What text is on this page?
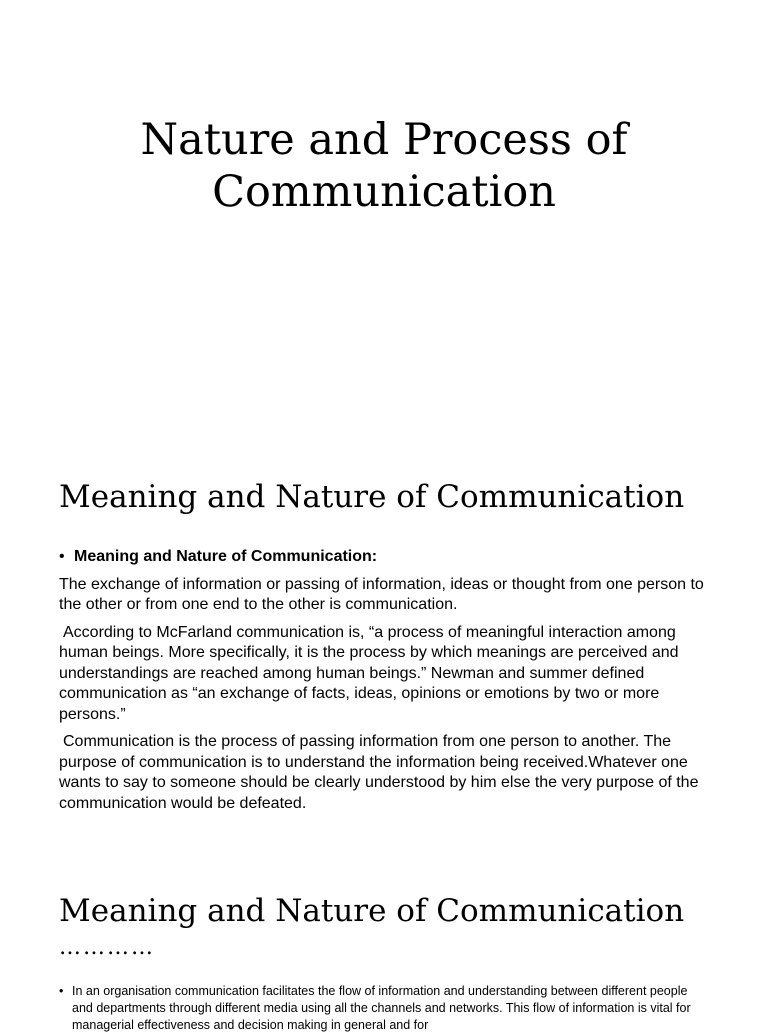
Nature and Process of
Communication
Meaning and Nature of Communication

• Meaning and Nature of Communication:

The exchange of information or passing of information, ideas or thought from one person to the other or from one end to the other is communication.

According to McFarland communication is, “a process of meaningful interaction among human beings. More specifically, it is the process by which meanings are perceived and understandings are reached among human beings.” Newman and summer defined communication as “an exchange of facts, ideas, opinions or emotions by two or more persons.”

Communication is the process of passing information from one person to another. The purpose of communication is to understand the information being received.Whatever one wants to say to someone should be clearly understood by him else the very purpose of the communication would be defeated.

Meaning and Nature of Communication
…………

• In an organisation communication facilitates the flow of information and understanding between different people and departments through different media using all the channels and networks. This flow of information is vital for managerial effectiveness and decision making in general and for
